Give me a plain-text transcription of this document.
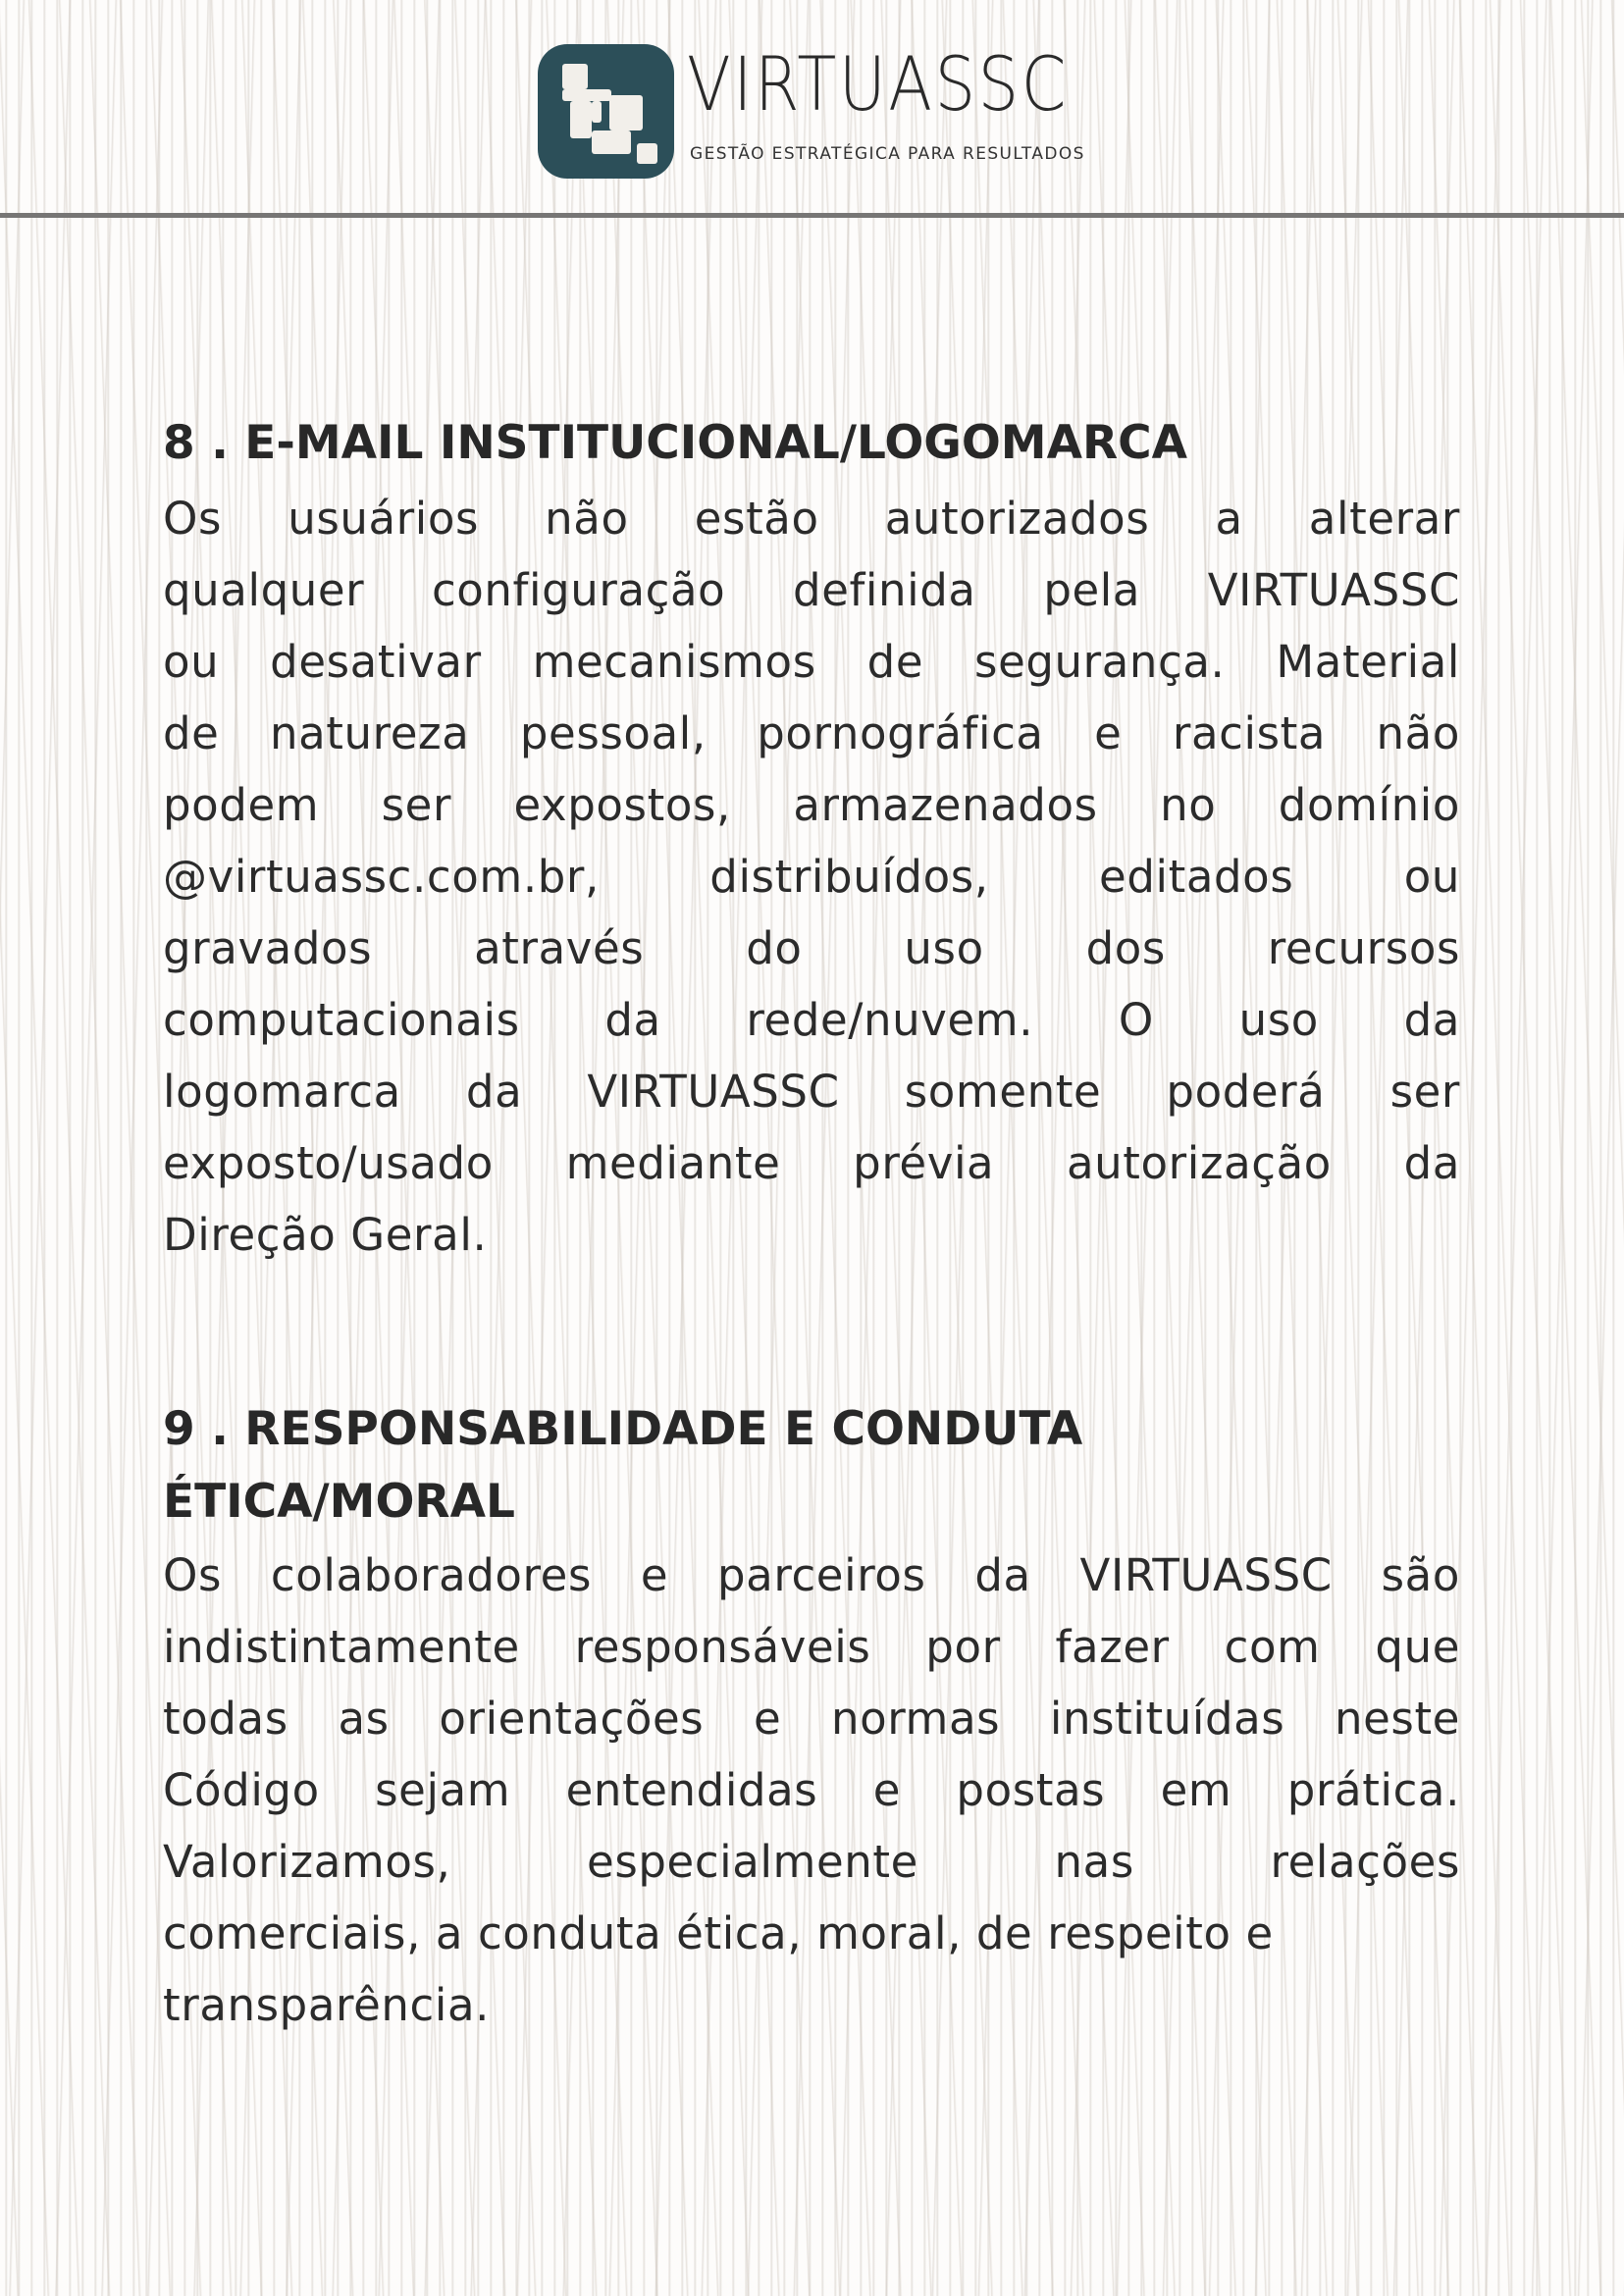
VIRTUASSC
GESTÃO ESTRATÉGICA PARA RESULTADOS
8 . E-MAIL INSTITUCIONAL/LOGOMARCA
Os usuários não estão autorizados a alterar
qualquer configuração definida pela VIRTUASSC
ou desativar mecanismos de segurança. Material
de natureza pessoal, pornográfica e racista não
podem ser expostos, armazenados no domínio
@virtuassc.com.br, distribuídos, editados ou
gravados através do uso dos recursos
computacionais da rede/nuvem. O uso da
logomarca da VIRTUASSC somente poderá ser
exposto/usado mediante prévia autorização da
Direção Geral.
9 . RESPONSABILIDADE E CONDUTA
ÉTICA/MORAL
Os colaboradores e parceiros da VIRTUASSC são
indistintamente responsáveis por fazer com que
todas as orientações e normas instituídas neste
Código sejam entendidas e postas em prática.
Valorizamos, especialmente nas relações
comerciais, a conduta ética, moral, de respeito e
transparência.
